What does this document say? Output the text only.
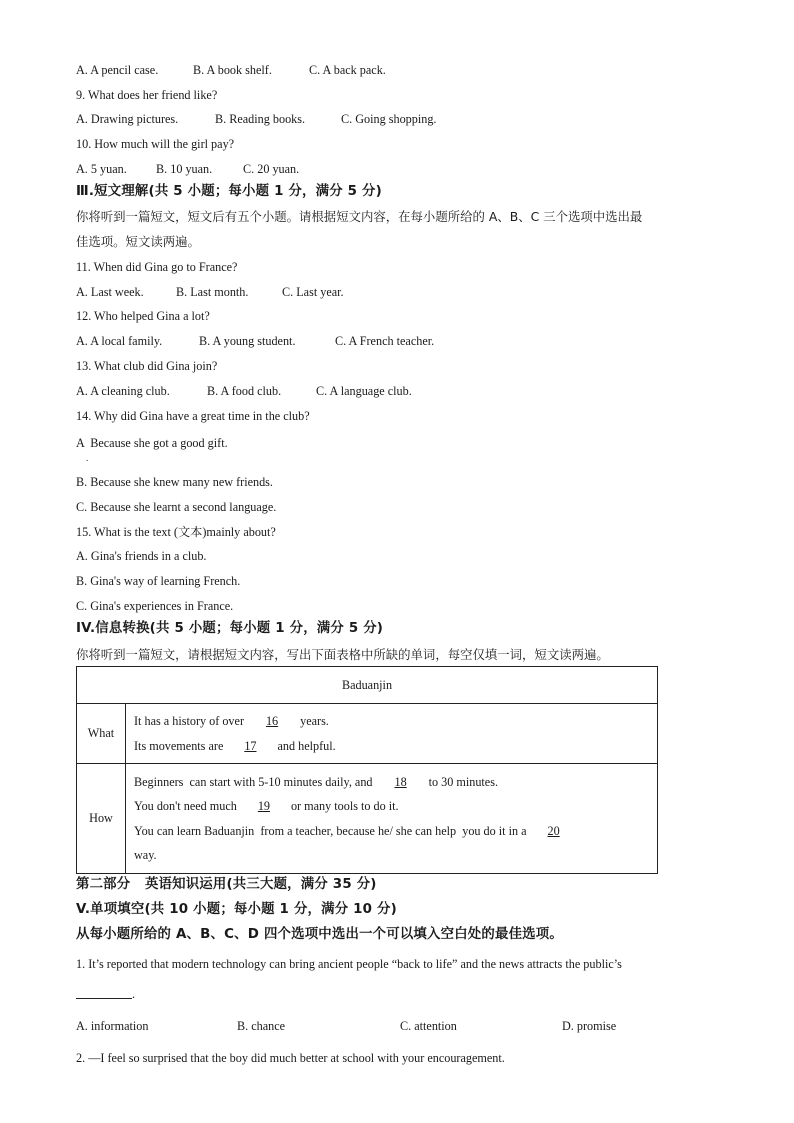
A. A pencil case.	B. A book shelf.	C. A back pack.
9. What does her friend like?
A. Drawing pictures.	B. Reading books.	C. Going shopping.
10. How much will the girl pay?
A. 5 yuan. B. 10 yuan.	C. 20 yuan.
Ⅲ.短文理解(共 5 小题；每小题 1 分，满分 5 分)
你将听到一篇短文，短文后有五个小题。请根据短文内容，在每小题所给的 A、B、C 三个选项中选出最
佳选项。短文读两遍。
11. When did Gina go to France?
A. Last week.	B. Last month.	C. Last year.
12. Who helped Gina a lot?
A. A local family.	B. A young student.	C. A French teacher.
13. What club did Gina join?
A. A cleaning club.	B. A food club.	C. A language club.
14. Why did Gina have a great time in the club?
A  Because she got a good gift.
.
B. Because she knew many new friends.
C. Because she learnt a second language.
15. What is the text (文本)mainly about?
A. Gina's friends in a club.
B. Gina's way of learning French.
C. Gina's experiences in France.
IV.信息转换(共 5 小题；每小题 1 分，满分 5 分)
你将听到一篇短文，请根据短文内容，写出下面表格中所缺的单词，每空仅填一词，短文读两遍。
Baduanjin	
What	It has a history of over 16 years.
Its movements are 17 and helpful.

How	Beginners  can start with 5-10 minutes daily, and 18 to 30 minutes.
You don't need much 19 or many tools to do it.
You can learn Baduanjin  from a teacher, because he/ she can help  you do it in a 20
way.
第二部分   英语知识运用(共三大题，满分 35 分)
V.单项填空(共 10 小题；每小题 1 分，满分 10 分)
从每小题所给的 A、B、C、D 四个选项中选出一个可以填入空白处的最佳选项。
1. It’s reported that modern technology can bring ancient people “back to life” and the news attracts the public’s
.
A. information	B. chance	C. attention	D. promise
2. —I feel so surprised that the boy did much better at school with your encouragement.
